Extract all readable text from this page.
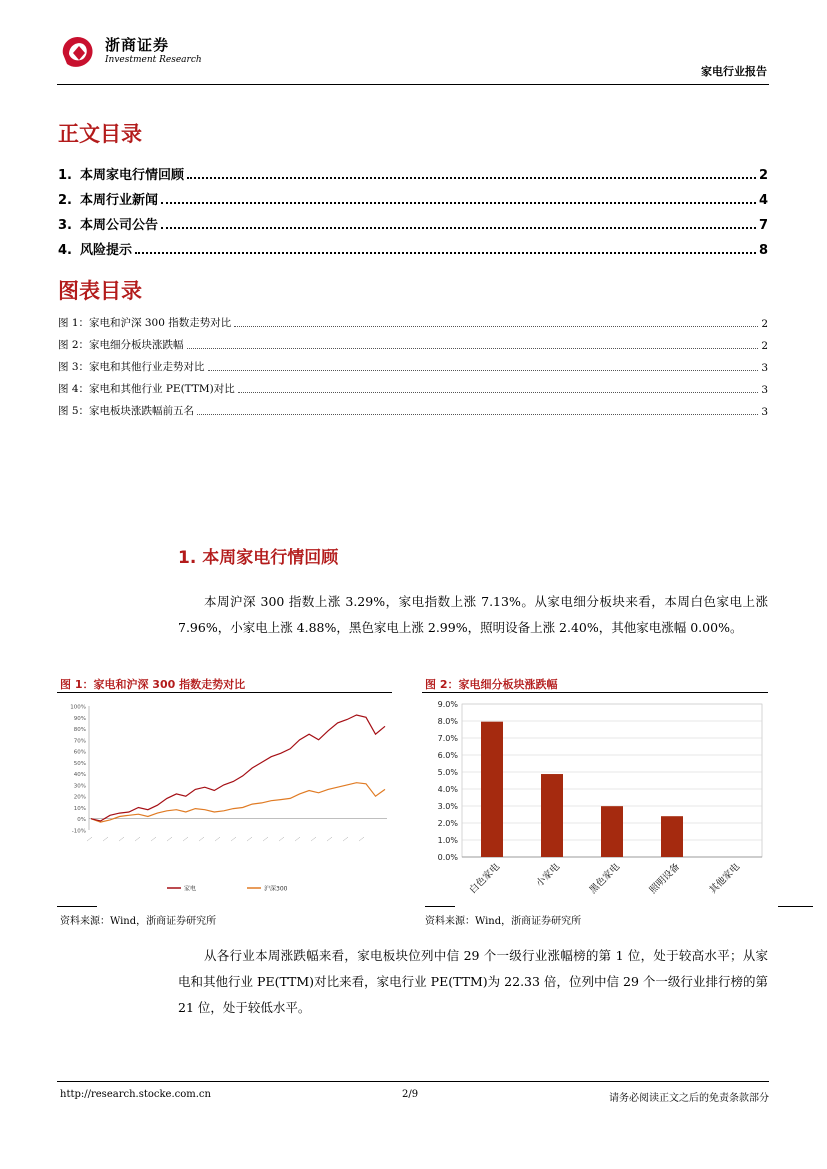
浙商证券
Investment Research
家电行业报告
正文目录
1. 本周家电行情回顾	2
2. 本周行业新闻	4
3. 本周公司公告	7
4. 风险提示	8
图表目录
图 1：家电和沪深 300 指数走势对比	2
图 2：家电细分板块涨跌幅	2
图 3：家电和其他行业走势对比	3
图 4：家电和其他行业 PE(TTM)对比	3
图 5：家电板块涨跌幅前五名	3
1. 本周家电行情回顾
本周沪深 300 指数上涨 3.29%，家电指数上涨 7.13%。从家电细分板块来看，本周白色家电上涨 7.96%，小家电上涨 4.88%，黑色家电上涨 2.99%，照明设备上涨 2.40%，其他家电涨幅 0.00%。
图 1：家电和沪深 300 指数走势对比
-10%
0%
10%
20%
30%
40%
50%
60%
70%
80%
90%
100%
···· ···· ···· ···· ···· ···· ···· ···· ···· ···· ···· ···· ···· ···· ···· ···· ···· ····
家电	沪深300
资料来源：Wind，浙商证券研究所
图 2：家电细分板块涨跌幅
0.0%
1.0%
2.0%
3.0%
4.0%
5.0%
6.0%
7.0%
8.0%
9.0%
白色家电	小家电	黑色家电	照明设备	其他家电
资料来源：Wind，浙商证券研究所
从各行业本周涨跌幅来看，家电板块位列中信 29 个一级行业涨幅榜的第 1 位，处于较高水平；从家电和其他行业 PE(TTM)对比来看，家电行业 PE(TTM)为 22.33 倍，位列中信 29 个一级行业排行榜的第 21 位，处于较低水平。
http://research.stocke.com.cn	2/9	请务必阅读正文之后的免责条款部分
